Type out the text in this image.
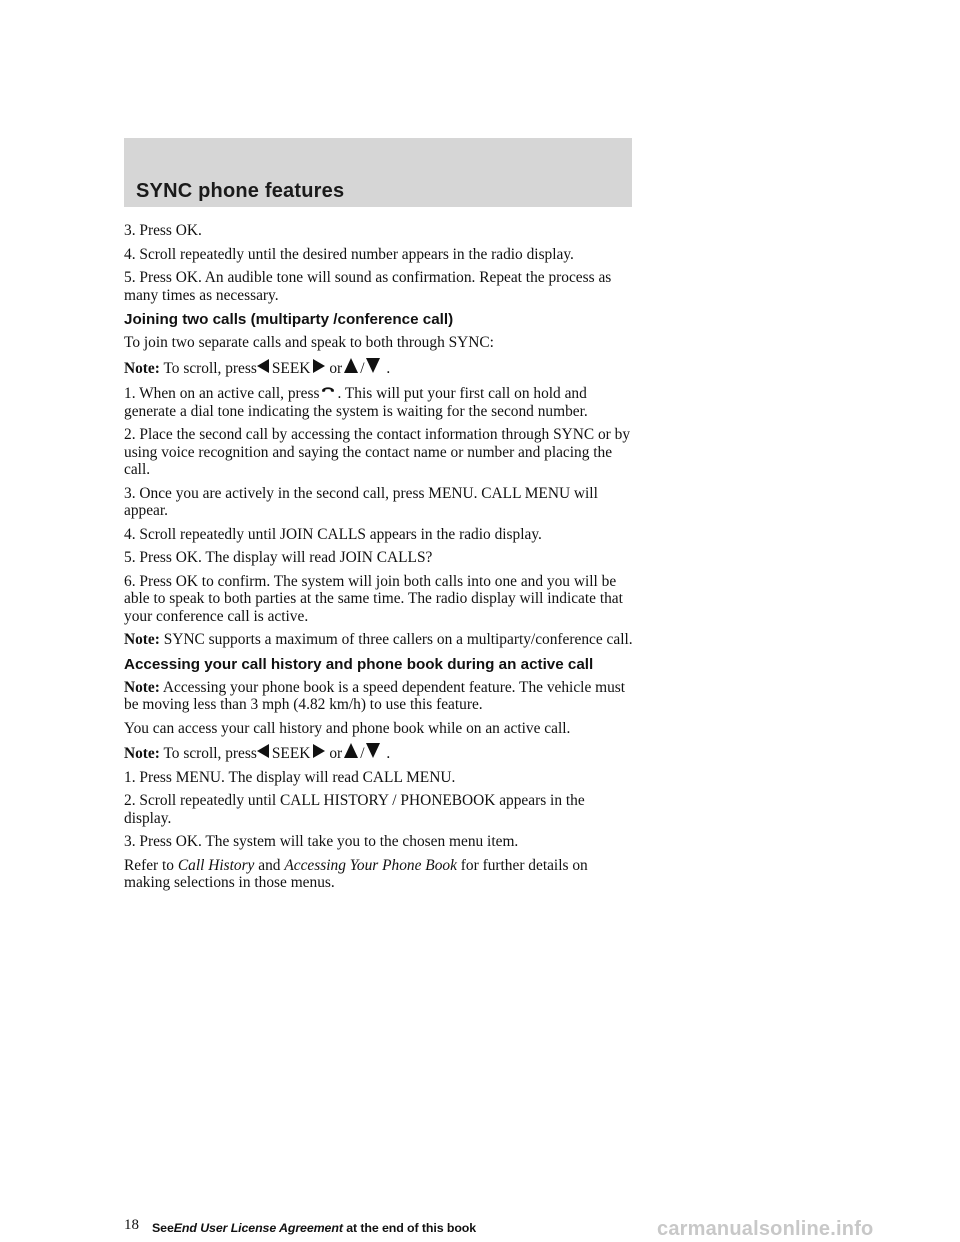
SYNC phone features

3. Press OK.

4. Scroll repeatedly until the desired number appears in the radio display.

5. Press OK. An audible tone will sound as confirmation. Repeat the process as many times as necessary.

Joining two calls (multiparty /conference call)

To join two separate calls and speak to both through SYNC:

Note: To scroll, press SEEK or / .

1. When on an active call, press . This will put your first call on hold and generate a dial tone indicating the system is waiting for the second number.

2. Place the second call by accessing the contact information through SYNC or by using voice recognition and saying the contact name or number and placing the call.

3. Once you are actively in the second call, press MENU. CALL MENU will appear.

4. Scroll repeatedly until JOIN CALLS appears in the radio display.

5. Press OK. The display will read JOIN CALLS?

6. Press OK to confirm. The system will join both calls into one and you will be able to speak to both parties at the same time. The radio display will indicate that your conference call is active.

Note: SYNC supports a maximum of three callers on a multiparty/conference call.

Accessing your call history and phone book during an active call

Note: Accessing your phone book is a speed dependent feature. The vehicle must be moving less than 3 mph (4.82 km/h) to use this feature.

You can access your call history and phone book while on an active call.

Note: To scroll, press SEEK or / .

1. Press MENU. The display will read CALL MENU.

2. Scroll repeatedly until CALL HISTORY / PHONEBOOK appears in the display.

3. Press OK. The system will take you to the chosen menu item.

Refer to Call History and Accessing Your Phone Book for further details on making selections in those menus.

18 SeeEnd User License Agreement at the end of this book	carmanualsonline.info
